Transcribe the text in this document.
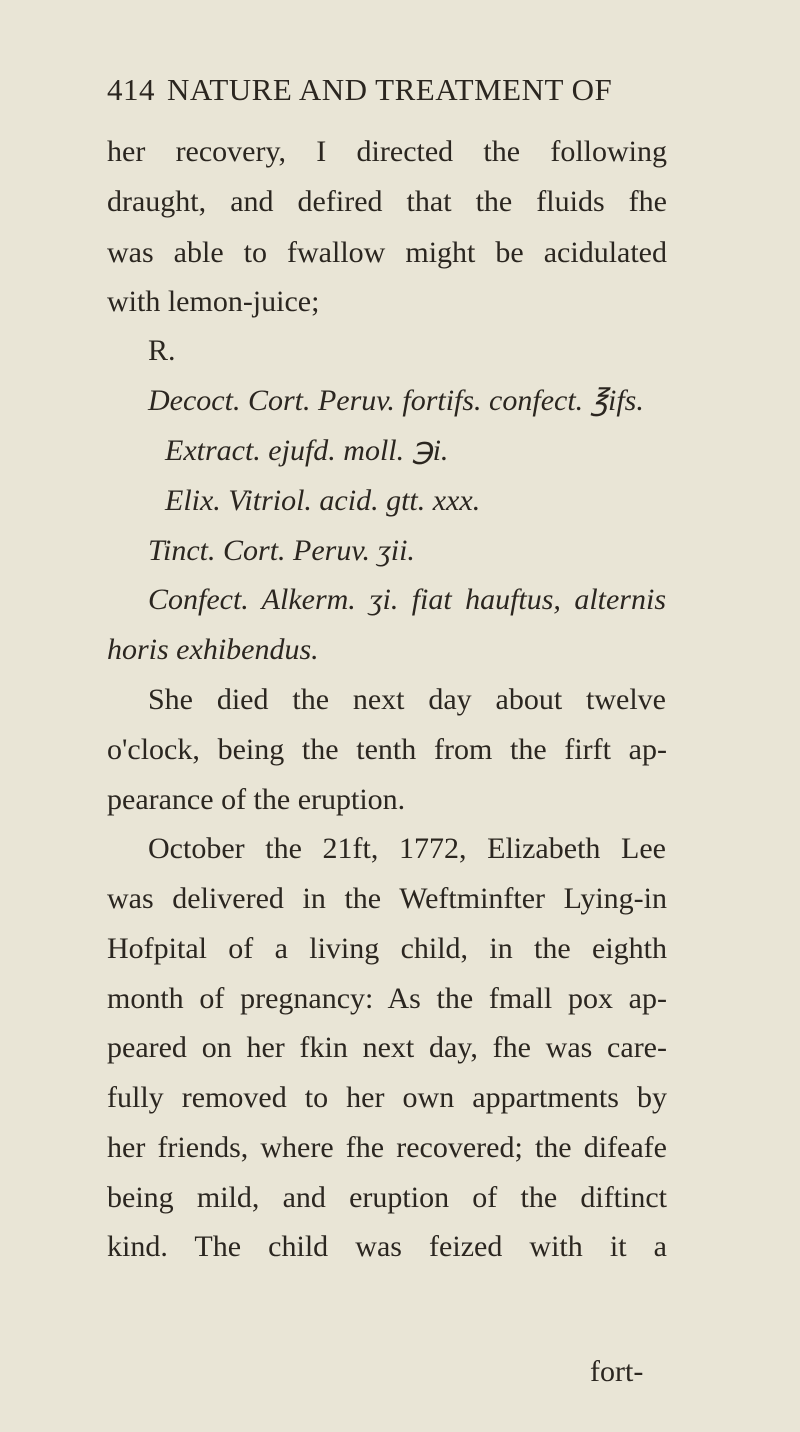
414 NATURE AND TREATMENT OF
her recovery, I directed the following
draught, and defired that the fluids fhe
was able to fwallow might be acidulated
with lemon-juice;
R.
Decoct. Cort. Peruv. fortifs. confect. ℥ifs.
Extract. ejufd. moll. ℈i.
Elix. Vitriol. acid. gtt. xxx.
Tinct. Cort. Peruv. ʒii.
Confect. Alkerm. ʒi. fiat hauftus, alternis
horis exhibendus.
She died the next day about twelve
o'clock, being the tenth from the firft ap-
pearance of the eruption.
October the 21ft, 1772, Elizabeth Lee
was delivered in the Weftminfter Lying-in
Hofpital of a living child, in the eighth
month of pregnancy: As the fmall pox ap-
peared on her fkin next day, fhe was care-
fully removed to her own appartments by
her friends, where fhe recovered; the difeafe
being mild, and eruption of the diftinct
kind. The child was feized with it a
fort-
